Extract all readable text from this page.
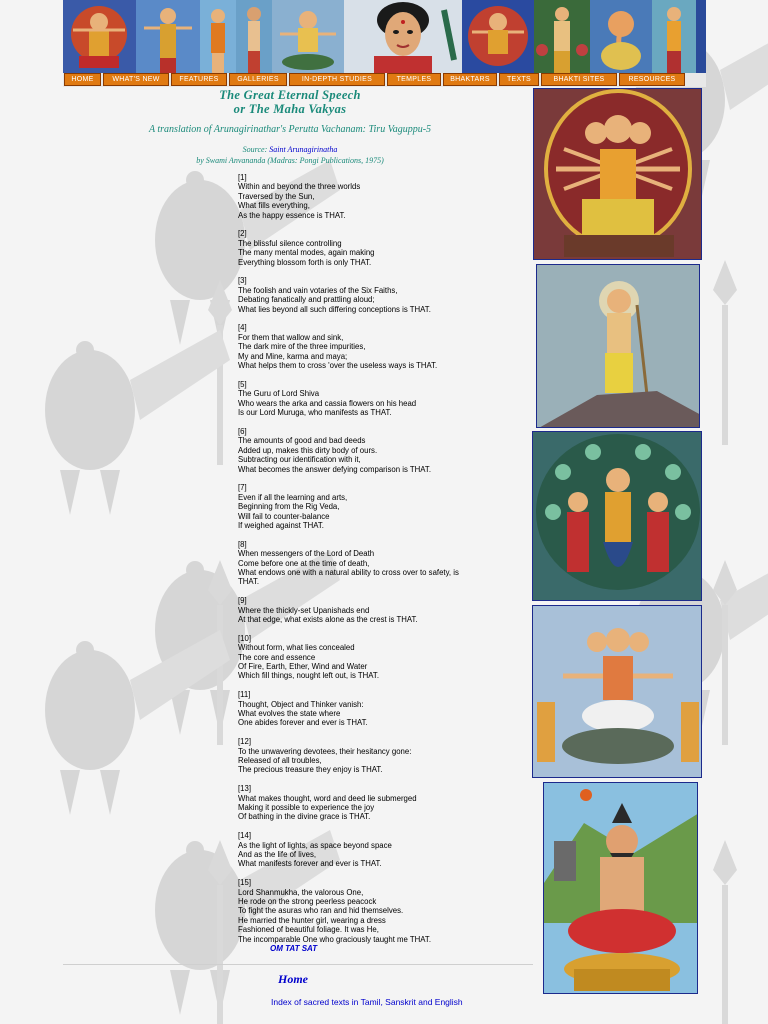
HOME	WHAT'S NEW	FEATURES	GALLERIES	IN-DEPTH STUDIES	TEMPLES	BHAKTARS	TEXTS	BHAKTI SITES	RESOURCES
The Great Eternal Speech
or The Maha Vakyas
A translation of Arunagirinathar's Perutta Vachanam: Tiru Vaguppu-5
Source: Saint Arunagirinatha
by Swami Anvananda (Madras: Pongi Publications, 1975)
[1]
Within and beyond the three worlds
Traversed by the Sun,
What fills everything,
As the happy essence is THAT.
[2]
The blissful silence controlling
The many mental modes, again making
Everything blossom forth is only THAT.
[3]
The foolish and vain votaries of the Six Faiths,
Debating fanatically and prattling aloud;
What lies beyond all such differing conceptions is THAT.
[4]
For them that wallow and sink,
The dark mire of the three impurities,
My and Mine, karma and maya;
What helps them to cross 'over the useless ways is THAT.
[5]
The Guru of Lord Shiva
Who wears the arka and cassia flowers on his head
Is our Lord Muruga, who manifests as THAT.
[6]
The amounts of good and bad deeds
Added up, makes this dirty body of ours.
Subtracting our identification with it,
What becomes the answer defying comparison is THAT.
[7]
Even if all the learning and arts,
Beginning from the Rig Veda,
Will fail to counter-balance
If weighed against THAT.
[8]
When messengers of the Lord of Death
Come before one at the time of death,
What endows one with a natural ability to cross over to safety, is
THAT.
[9]
Where the thickly-set Upanishads end
At that edge, what exists alone as the crest is THAT.
[10]
Without form, what lies concealed
The core and essence
Of Fire, Earth, Ether, Wind and Water
Which fill things, nought left out, is THAT.
[11]
Thought, Object and Thinker vanish:
What evolves the state where
One abides forever and ever is THAT.
[12]
To the unwavering devotees, their hesitancy gone:
Released of all troubles,
The precious treasure they enjoy is THAT.
[13]
What makes thought, word and deed lie submerged
Making it possible to experience the joy
Of bathing in the divine grace is THAT.
[14]
As the light of lights, as space beyond space
And as the life of lives,
What manifests forever and ever is THAT.
[15]
Lord Shanmukha, the valorous One,
He rode on the strong peerless peacock
To fight the asuras who ran and hid themselves.
He married the hunter girl, wearing a dress
Fashioned of beautiful foliage. It was He,
The incomparable One who graciously taught me THAT.
OM TAT SAT
Home
Index of sacred texts in Tamil, Sanskrit and English
